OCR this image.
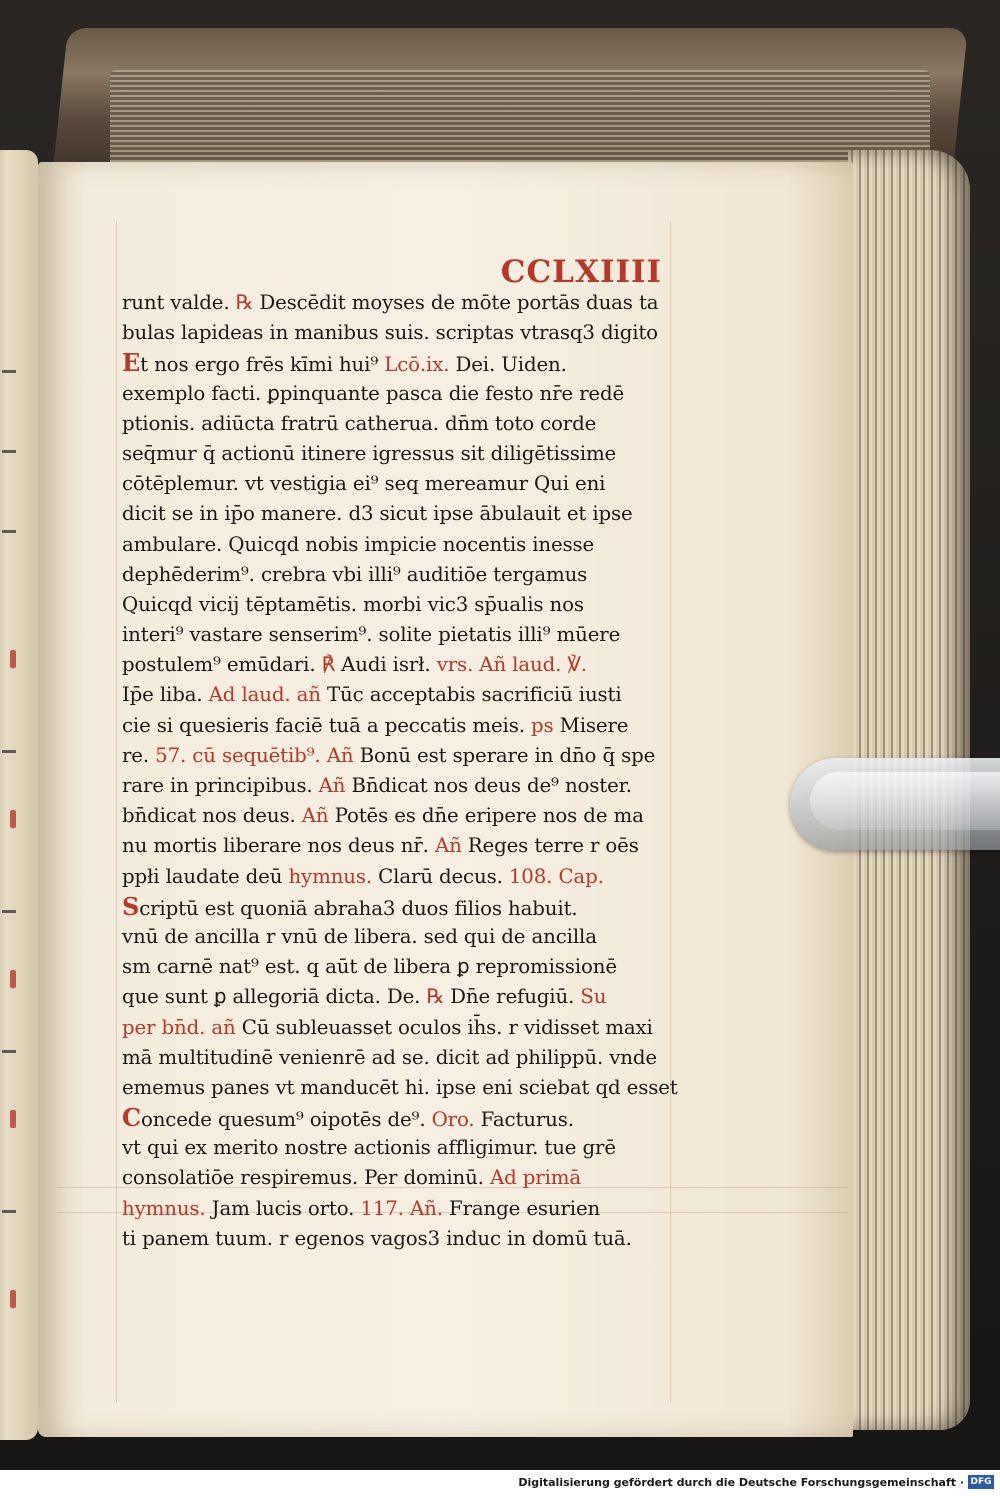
CCLXIIII
runt valde. ℞ Descēdit moyses de mōte portās duas ta
bulas lapideas in manibus suis. scriptas vtrasq3 digito
Et nos ergo frēs kīmi hui⁹ Lcō.ix. Dei. Uiden.
exemplo facti. ꝑpinquante pasca die festo nr̄e redē
ptionis. adiūcta fratrū catherua. dn̄m toto corde
seq̄mur q̄ actionū itinere igressus sit diligētissime
cōtēplemur. vt vestigia ei⁹ seq mereamur Qui eni
dicit se in ip̄o manere. d3 sicut ipse ābulauit et ipse
ambulare. Quicqd nobis impicie nocentis inesse
dephēderim⁹. crebra vbi illi⁹ auditiōe tergamus
Quicqd vicij tēptamētis. morbi vic3 sp̄ualis nos
interi⁹ vastare senserim⁹. solite pietatis illi⁹ mūere
postulem⁹ emūdari. ℟ Audi isrł. vrs. Añ laud. ℣.
Ip̄e liba. Ad laud. añ Tūc acceptabis sacrificiū iusti
cie si quesieris faciē tuā a peccatis meis. ps Misere
re. 57. cū sequētib⁹. Añ Bonū est sperare in dn̄o q̄ spe
rare in principibus. Añ Bn̄dicat nos deus de⁹ noster.
bn̄dicat nos deus. Añ Potēs es dn̄e eripere nos de ma
nu mortis liberare nos deus nr̄. Añ Reges terre r oēs
ppłi laudate deū hymnus. Clarū decus. 108. Cap.
Scriptū est quoniā abraha3 duos filios habuit.
vnū de ancilla r vnū de libera. sed qui de ancilla
sm carnē nat⁹ est. q aūt de libera ꝑ repromissionē
que sunt ꝑ allegoriā dicta. De. ℞ Dn̄e refugiū. Su
per bn̄d. añ Cū subleuasset oculos ih̄s. r vidisset maxi
mā multitudinē venienrē ad se. dicit ad philippū. vnde
ememus panes vt manducēt hi. ipse eni sciebat qd esset
Concede quesum⁹ oipotēs de⁹. Oro. Facturus.
vt qui ex merito nostre actionis affligimur. tue grē
consolatiōe respiremus. Per dominū. Ad primā
hymnus. Jam lucis orto. 117. Añ. Frange esurien
ti panem tuum. r egenos vagos3 induc in domū tuā.
Digitalisierung gefördert durch die Deutsche Forschungsgemeinschaft · DFG
